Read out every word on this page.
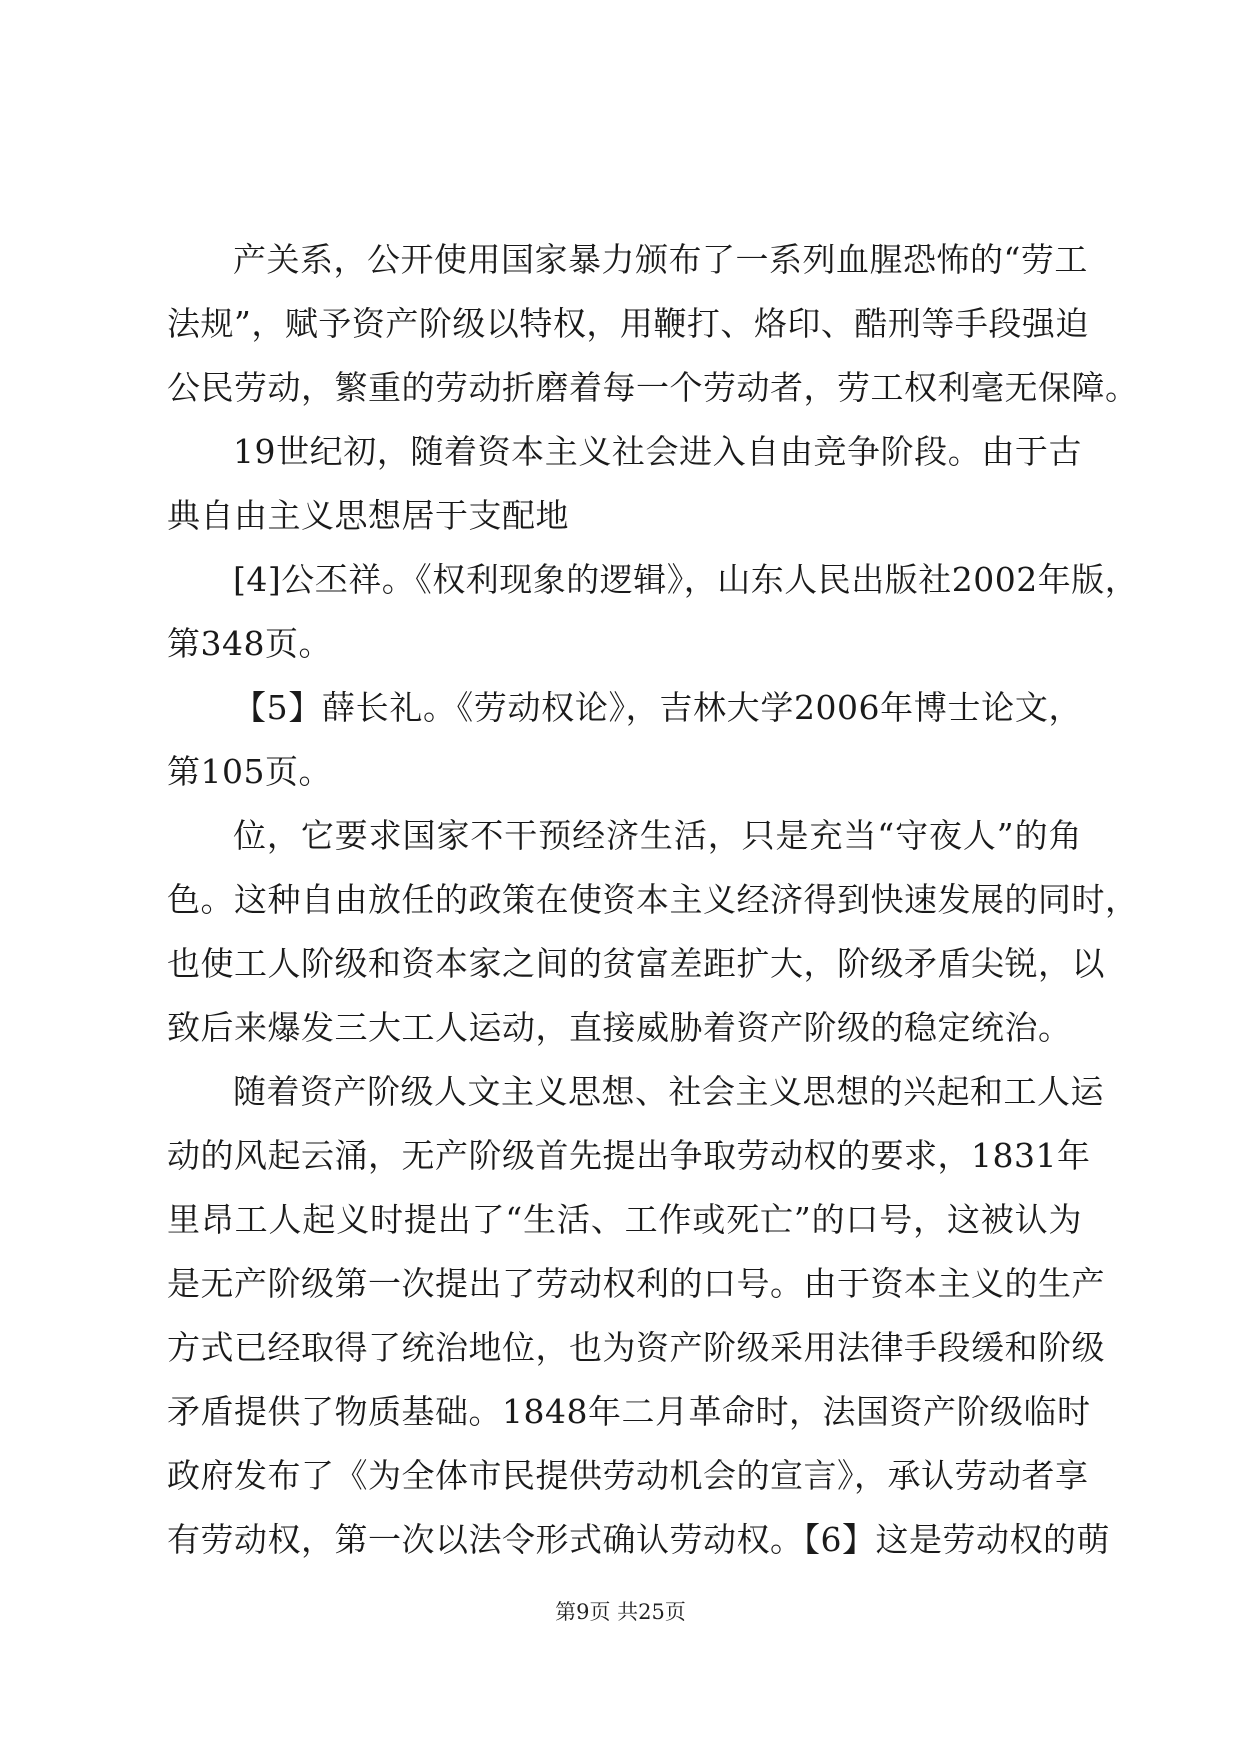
产关系，公开使用国家暴力颁布了一系列血腥恐怖的“劳工

法规”，赋予资产阶级以特权，用鞭打、烙印、酷刑等手段强迫

公民劳动，繁重的劳动折磨着每一个劳动者，劳工权利毫无保障。

19世纪初，随着资本主义社会进入自由竞争阶段。由于古

典自由主义思想居于支配地

[4]公丕祥。《权利现象的逻辑》，山东人民出版社2002年版，

第348页。

【5】薛长礼。《劳动权论》，吉林大学2006年博士论文，

第105页。

位，它要求国家不干预经济生活，只是充当“守夜人”的角

色。这种自由放任的政策在使资本主义经济得到快速发展的同时，

也使工人阶级和资本家之间的贫富差距扩大，阶级矛盾尖锐，以

致后来爆发三大工人运动，直接威胁着资产阶级的稳定统治。

随着资产阶级人文主义思想、社会主义思想的兴起和工人运

动的风起云涌，无产阶级首先提出争取劳动权的要求，1831年

里昂工人起义时提出了“生活、工作或死亡”的口号，这被认为

是无产阶级第一次提出了劳动权利的口号。由于资本主义的生产

方式已经取得了统治地位，也为资产阶级采用法律手段缓和阶级

矛盾提供了物质基础。1848年二月革命时，法国资产阶级临时

政府发布了《为全体市民提供劳动机会的宣言》，承认劳动者享

有劳动权，第一次以法令形式确认劳动权。【6】这是劳动权的萌

第9页 共25页
